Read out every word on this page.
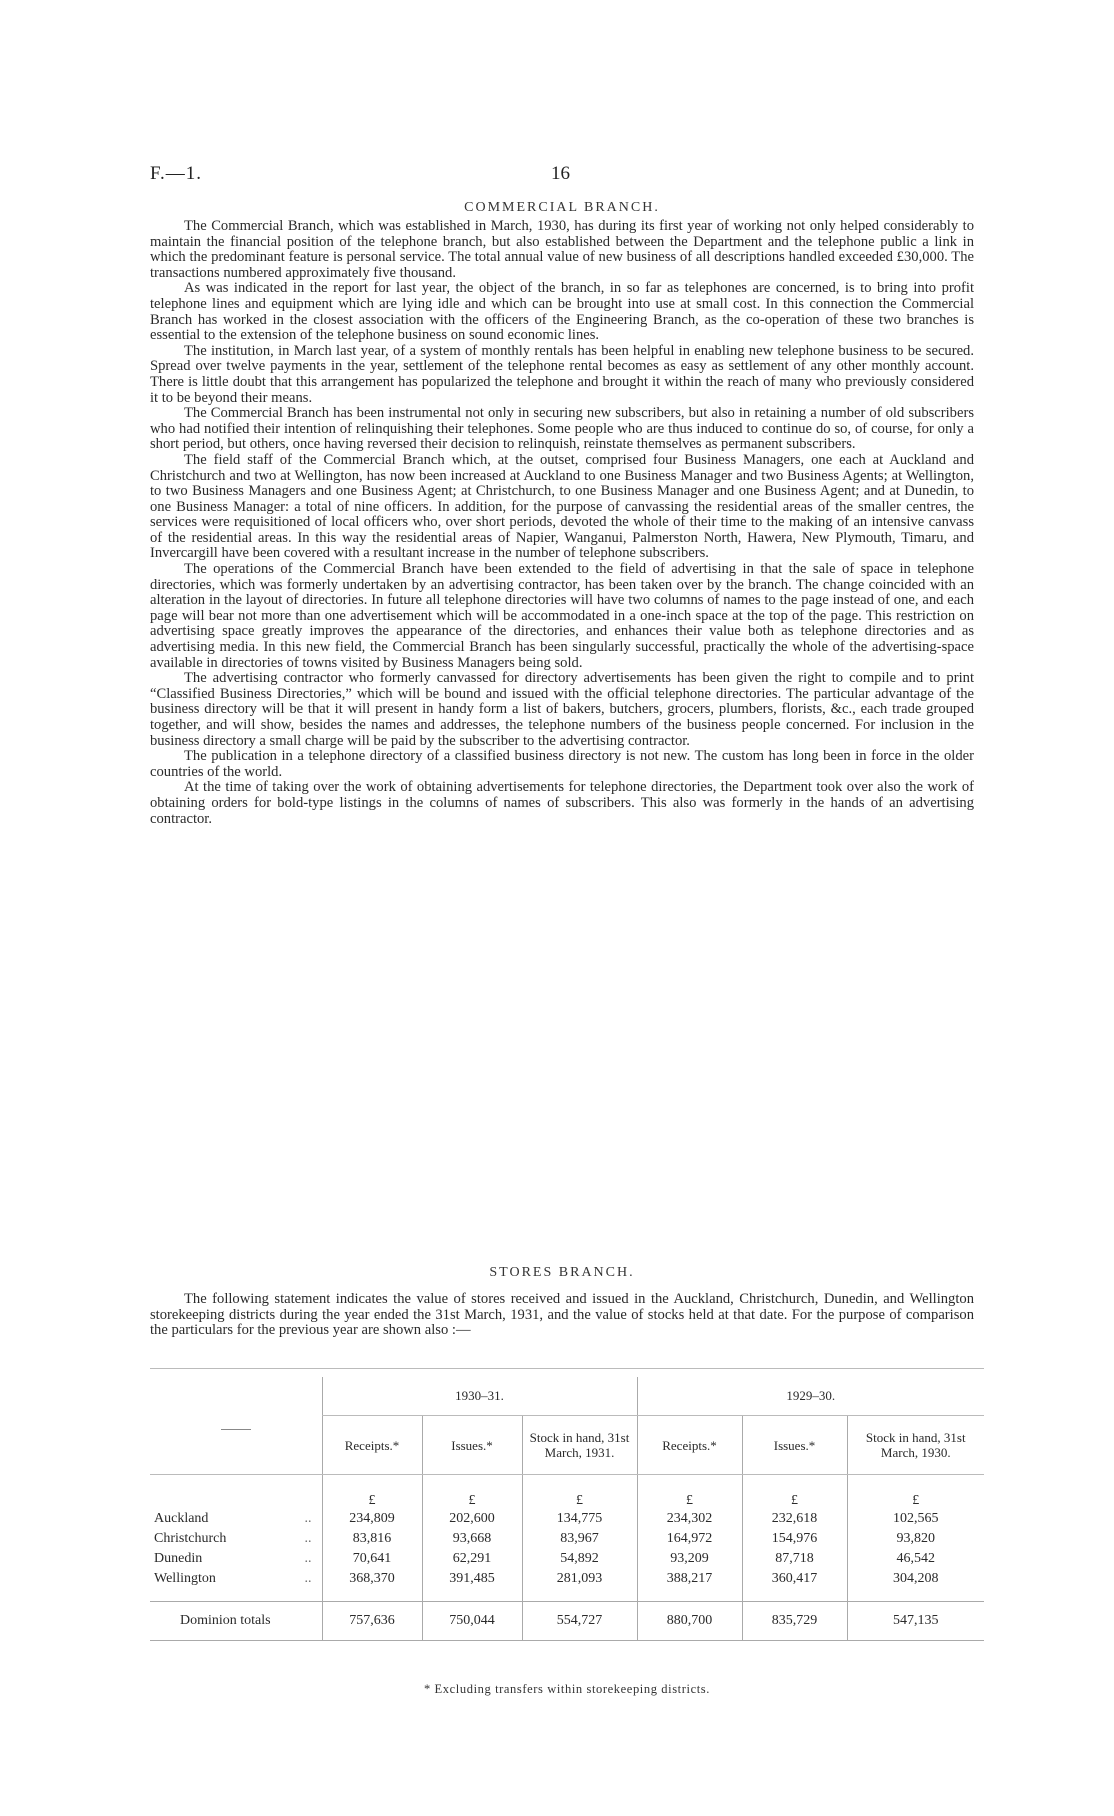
F.—1.	16
COMMERCIAL BRANCH.

The Commercial Branch, which was established in March, 1930, has during its first year of working not only helped considerably to maintain the financial position of the telephone branch, but also established between the Department and the telephone public a link in which the predominant feature is personal service. The total annual value of new business of all descriptions handled exceeded £30,000. The transactions numbered approximately five thousand.

As was indicated in the report for last year, the object of the branch, in so far as telephones are concerned, is to bring into profit telephone lines and equipment which are lying idle and which can be brought into use at small cost. In this connection the Commercial Branch has worked in the closest association with the officers of the Engineering Branch, as the co-operation of these two branches is essential to the extension of the telephone business on sound economic lines.

The institution, in March last year, of a system of monthly rentals has been helpful in enabling new telephone business to be secured. Spread over twelve payments in the year, settlement of the telephone rental becomes as easy as settlement of any other monthly account. There is little doubt that this arrangement has popularized the telephone and brought it within the reach of many who previously considered it to be beyond their means.

The Commercial Branch has been instrumental not only in securing new subscribers, but also in retaining a number of old subscribers who had notified their intention of relinquishing their telephones. Some people who are thus induced to continue do so, of course, for only a short period, but others, once having reversed their decision to relinquish, reinstate themselves as permanent subscribers.

The field staff of the Commercial Branch which, at the outset, comprised four Business Managers, one each at Auckland and Christchurch and two at Wellington, has now been increased at Auckland to one Business Manager and two Business Agents; at Wellington, to two Business Managers and one Business Agent; at Christchurch, to one Business Manager and one Business Agent; and at Dunedin, to one Business Manager: a total of nine officers. In addition, for the purpose of canvassing the residential areas of the smaller centres, the services were requisitioned of local officers who, over short periods, devoted the whole of their time to the making of an intensive canvass of the residential areas. In this way the residential areas of Napier, Wanganui, Palmerston North, Hawera, New Plymouth, Timaru, and Invercargill have been covered with a resultant increase in the number of telephone subscribers.

The operations of the Commercial Branch have been extended to the field of advertising in that the sale of space in telephone directories, which was formerly undertaken by an advertising contractor, has been taken over by the branch. The change coincided with an alteration in the layout of directories. In future all telephone directories will have two columns of names to the page instead of one, and each page will bear not more than one advertisement which will be accommodated in a one-inch space at the top of the page. This restriction on advertising space greatly improves the appearance of the directories, and enhances their value both as telephone directories and as advertising media. In this new field, the Commercial Branch has been singularly successful, practically the whole of the advertising-space available in directories of towns visited by Business Managers being sold.

The advertising contractor who formerly canvassed for directory advertisements has been given the right to compile and to print “Classified Business Directories,” which will be bound and issued with the official telephone directories. The particular advantage of the business directory will be that it will present in handy form a list of bakers, butchers, grocers, plumbers, florists, &c., each trade grouped together, and will show, besides the names and addresses, the telephone numbers of the business people concerned. For inclusion in the business directory a small charge will be paid by the subscriber to the advertising contractor.

The publication in a telephone directory of a classified business directory is not new. The custom has long been in force in the older countries of the world.

At the time of taking over the work of obtaining advertisements for telephone directories, the Department took over also the work of obtaining orders for bold-type listings in the columns of names of subscribers. This also was formerly in the hands of an advertising contractor.

STORES BRANCH.

The following statement indicates the value of stores received and issued in the Auckland, Christchurch, Dunedin, and Wellington storekeeping districts during the year ended the 31st March, 1931, and the value of stocks held at that date. For the purpose of comparison the particulars for the previous year are shown also :—

	1930–31.			1929–30.		
	Receipts.*	Issues.*	Stock in hand, 31st March, 1931.	Receipts.*	Issues.*	Stock in hand, 31st March, 1930.
	£	£	£	£	£	£
Auckland ..	234,809	202,600	134,775	234,302	232,618	102,565
Christchurch ..	83,816	93,668	83,967	164,972	154,976	93,820
Dunedin ..	70,641	62,291	54,892	93,209	87,718	46,542
Wellington ..	368,370	391,485	281,093	388,217	360,417	304,208

Dominion totals	757,636	750,044	554,727	880,700	835,729	547,135
* Excluding transfers within storekeeping districts.
